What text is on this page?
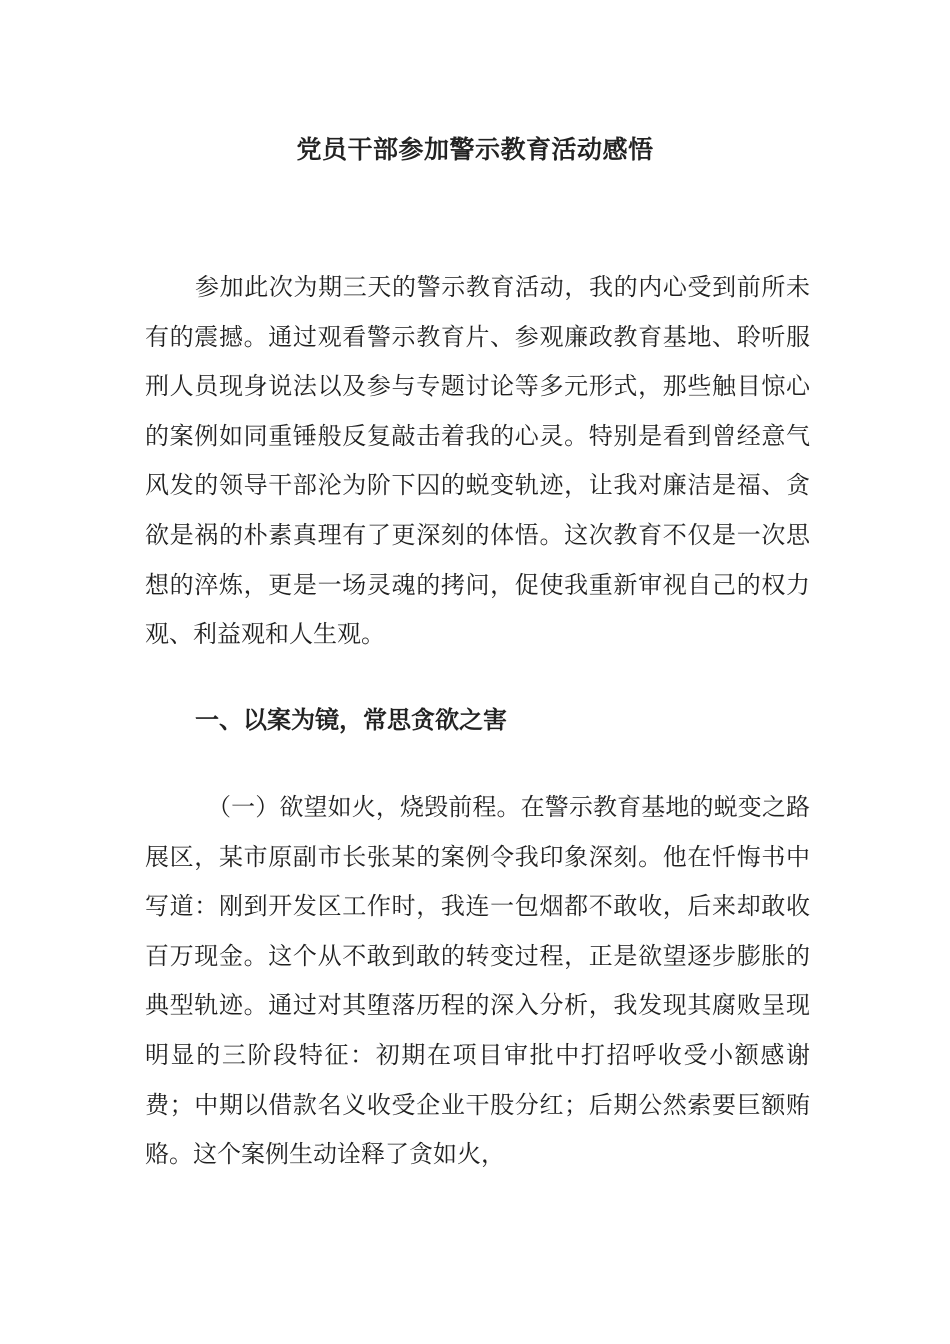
党员干部参加警示教育活动感悟
参加此次为期三天的警示教育活动，我的内心受到前所未有的震撼。通过观看警示教育片、参观廉政教育基地、聆听服刑人员现身说法以及参与专题讨论等多元形式，那些触目惊心的案例如同重锤般反复敲击着我的心灵。特别是看到曾经意气风发的领导干部沦为阶下囚的蜕变轨迹，让我对廉洁是福、贪欲是祸的朴素真理有了更深刻的体悟。这次教育不仅是一次思想的淬炼，更是一场灵魂的拷问，促使我重新审视自己的权力观、利益观和人生观。
一、以案为镜，常思贪欲之害
（一）欲望如火，烧毁前程。在警示教育基地的蜕变之路展区，某市原副市长张某的案例令我印象深刻。他在忏悔书中写道：刚到开发区工作时，我连一包烟都不敢收，后来却敢收百万现金。这个从不敢到敢的转变过程，正是欲望逐步膨胀的典型轨迹。通过对其堕落历程的深入分析，我发现其腐败呈现明显的三阶段特征：初期在项目审批中打招呼收受小额感谢费；中期以借款名义收受企业干股分红；后期公然索要巨额贿赂。这个案例生动诠释了贪如火，
